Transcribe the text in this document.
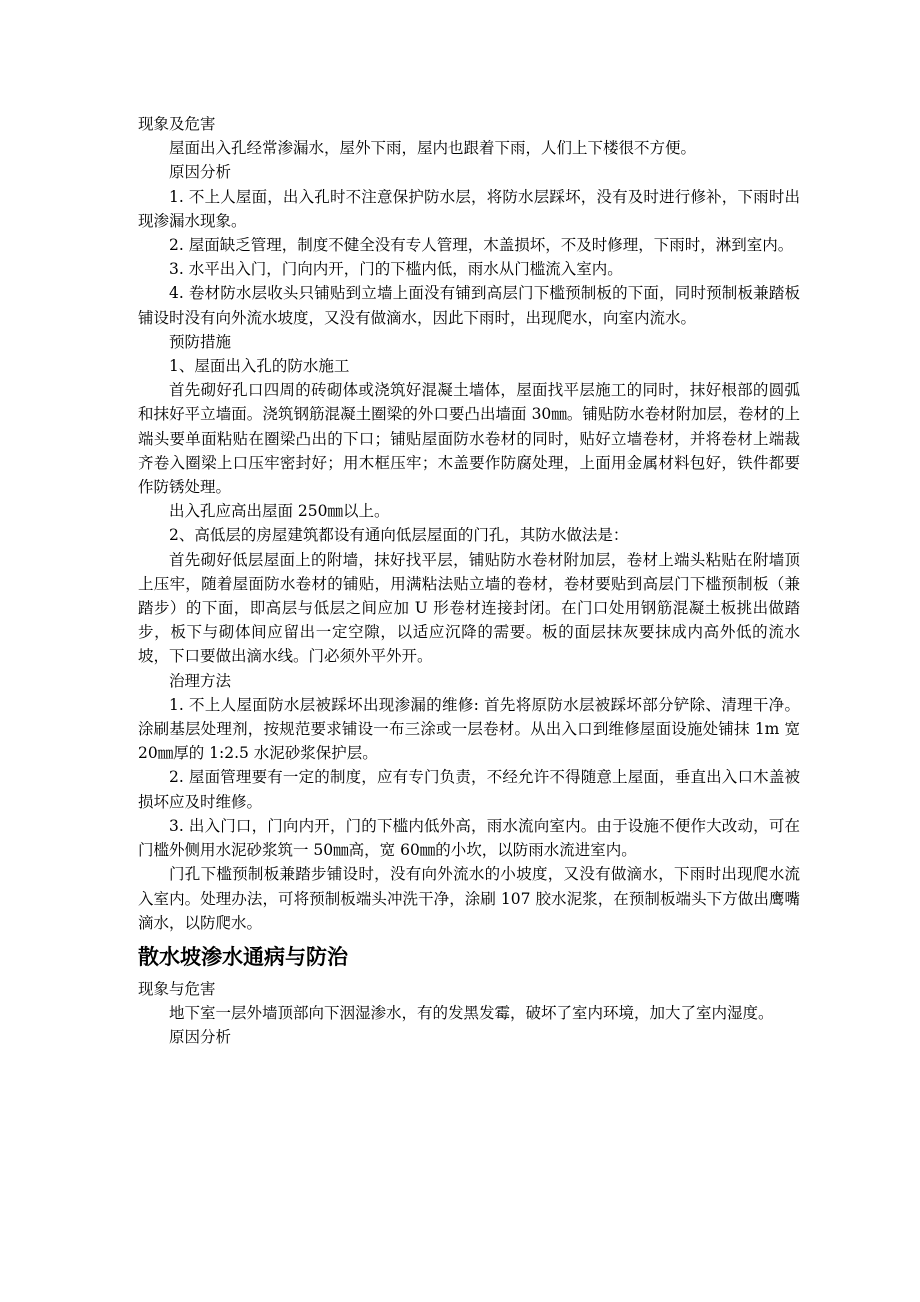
现象及危害

屋面出入孔经常渗漏水，屋外下雨，屋内也跟着下雨，人们上下楼很不方便。

原因分析

1. 不上人屋面，出入孔时不注意保护防水层，将防水层踩坏，没有及时进行修补，下雨时出现渗漏水现象。

2. 屋面缺乏管理，制度不健全没有专人管理，木盖损坏，不及时修理，下雨时，淋到室内。

3. 水平出入门，门向内开，门的下槛内低，雨水从门槛流入室内。

4. 卷材防水层收头只铺贴到立墙上面没有铺到高层门下槛预制板的下面，同时预制板兼踏板铺设时没有向外流水坡度，又没有做滴水，因此下雨时，出现爬水，向室内流水。

预防措施

1、屋面出入孔的防水施工

首先砌好孔口四周的砖砌体或浇筑好混凝土墙体，屋面找平层施工的同时，抹好根部的圆弧和抹好平立墙面。浇筑钢筋混凝土圈梁的外口要凸出墙面 30㎜。铺贴防水卷材附加层，卷材的上端头要单面粘贴在圈梁凸出的下口；铺贴屋面防水卷材的同时，贴好立墙卷材，并将卷材上端裁齐卷入圈梁上口压牢密封好；用木框压牢；木盖要作防腐处理，上面用金属材料包好，铁件都要作防锈处理。

出入孔应高出屋面 250㎜以上。

2、高低层的房屋建筑都设有通向低层屋面的门孔，其防水做法是：

首先砌好低层屋面上的附墙，抹好找平层，铺贴防水卷材附加层，卷材上端头粘贴在附墙顶上压牢，随着屋面防水卷材的铺贴，用满粘法贴立墙的卷材，卷材要贴到高层门下槛预制板（兼踏步）的下面，即高层与低层之间应加 U 形卷材连接封闭。在门口处用钢筋混凝土板挑出做踏步，板下与砌体间应留出一定空隙，以适应沉降的需要。板的面层抹灰要抹成内高外低的流水坡，下口要做出滴水线。门必须外平外开。

治理方法

1. 不上人屋面防水层被踩坏出现渗漏的维修: 首先将原防水层被踩坏部分铲除、清理干净。涂刷基层处理剂，按规范要求铺设一布三涂或一层卷材。从出入口到维修屋面设施处铺抹 1m 宽 20㎜厚的 1:2.5 水泥砂浆保护层。

2. 屋面管理要有一定的制度，应有专门负责，不经允许不得随意上屋面，垂直出入口木盖被损坏应及时维修。

3. 出入门口，门向内开，门的下槛内低外高，雨水流向室内。由于设施不便作大改动，可在门槛外侧用水泥砂浆筑一 50㎜高，宽 60㎜的小坎，以防雨水流进室内。

门孔下槛预制板兼踏步铺设时，没有向外流水的小坡度，又没有做滴水，下雨时出现爬水流入室内。处理办法，可将预制板端头冲洗干净，涂刷 107 胶水泥浆，在预制板端头下方做出鹰嘴滴水，以防爬水。

散水坡渗水通病与防治

现象与危害

地下室一层外墙顶部向下洇湿渗水，有的发黑发霉，破坏了室内环境，加大了室内湿度。

原因分析
